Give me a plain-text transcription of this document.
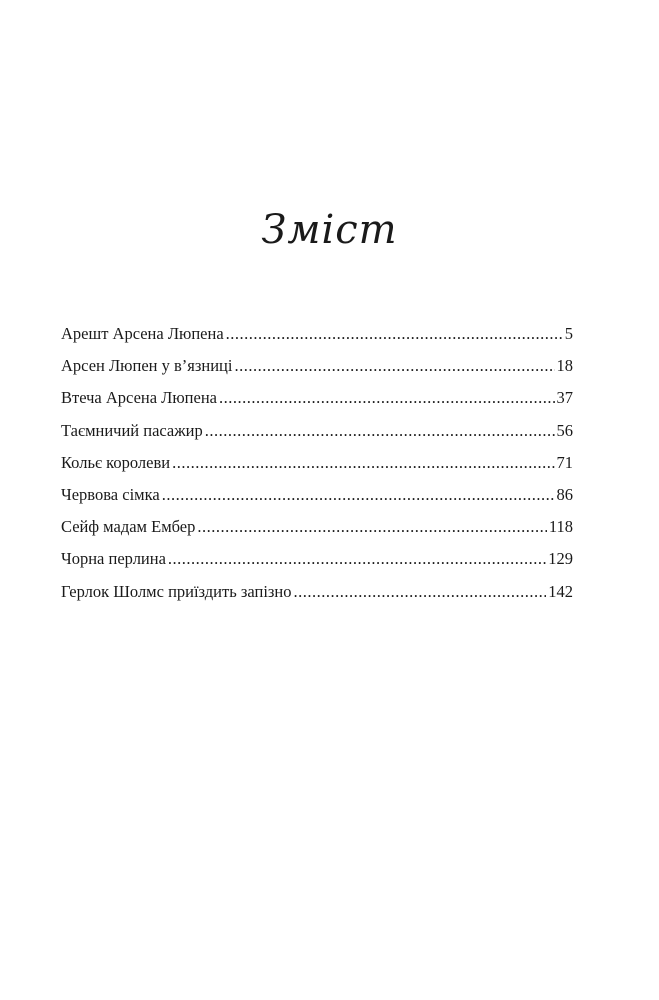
Зміст
Арешт Арсена Люпена .....	5
Арсен Люпен у в’язниці .....	18
Втеча Арсена Люпена .....	37
Таємничий пасажир .....	56
Кольє королеви .....	71
Червова сімка .....	86
Сейф мадам Ембер .....	118
Чорна перлина .....	129
Герлок Шолмс приїздить запізно .....	142
